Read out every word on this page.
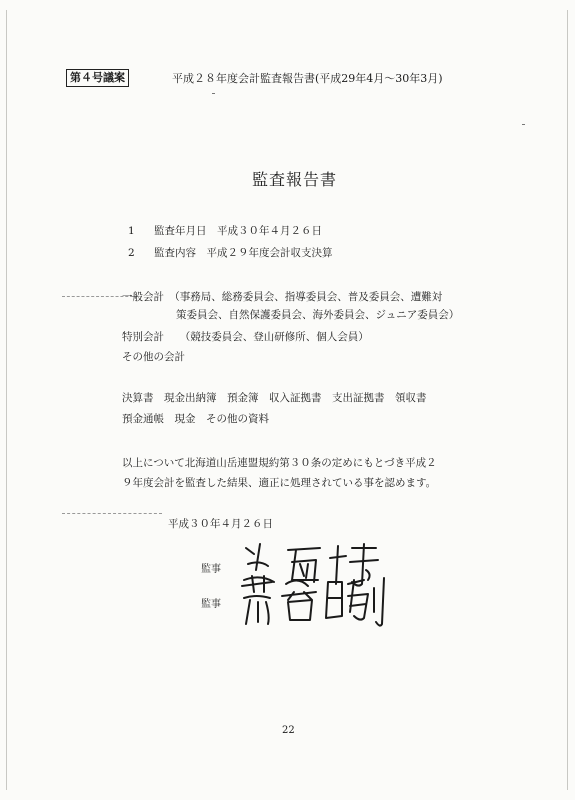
第４号議案	平成２８年度会計監査報告書(平成29年4月～30年3月)
監査報告書
1 監査年月日　平成３０年４月２６日
2 監査内容　平成２９年度会計収支決算
一般会計　（事務局、総務委員会、指導委員会、普及委員会、遭難対
策委員会、自然保護委員会、海外委員会、ジュニア委員会）
特別会計　　（競技委員会、登山研修所、個人会員）
その他の会計
決算書　現金出納簿　預金簿　収入証拠書　支出証拠書　領収書
預金通帳　現金　その他の資料
以上について北海道山岳連盟規約第３０条の定めにもとづき平成２
９年度会計を監査した結果、適正に処理されている事を認めます。
平成３０年４月２６日
監事
監事
22
